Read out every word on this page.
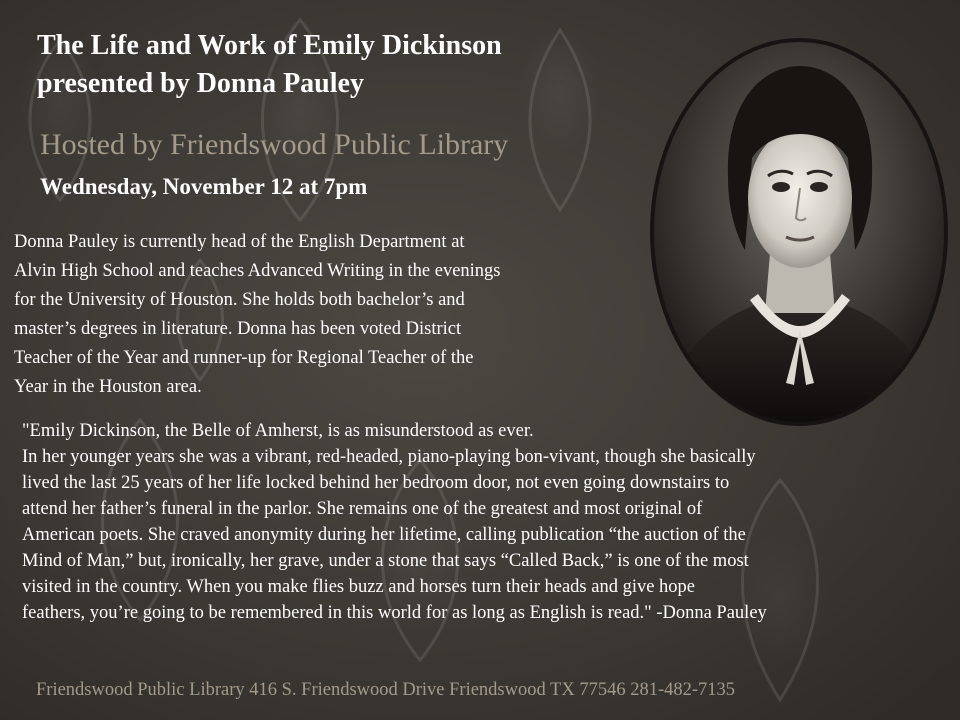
The Life and Work of Emily Dickinson
presented by Donna Pauley
Hosted by Friendswood Public Library
Wednesday, November 12 at 7pm
Donna Pauley is currently head of the English Department at
Alvin High School and teaches Advanced Writing in the evenings
for the University of Houston. She holds both bachelor’s and
master’s degrees in literature. Donna has been voted District
Teacher of the Year and runner-up for Regional Teacher of the
Year in the Houston area.
"Emily Dickinson, the Belle of Amherst, is as misunderstood as ever.
In her younger years she was a vibrant, red-headed, piano-playing bon-vivant, though she basically
lived the last 25 years of her life locked behind her bedroom door, not even going downstairs to
attend her father’s funeral in the parlor. She remains one of the greatest and most original of
American poets. She craved anonymity during her lifetime, calling publication “the auction of the
Mind of Man,” but, ironically, her grave, under a stone that says “Called Back,” is one of the most
visited in the country. When you make flies buzz and horses turn their heads and give hope
feathers, you’re going to be remembered in this world for as long as English is read." -Donna Pauley
Friendswood Public Library 416 S. Friendswood Drive Friendswood TX 77546 281-482-7135
